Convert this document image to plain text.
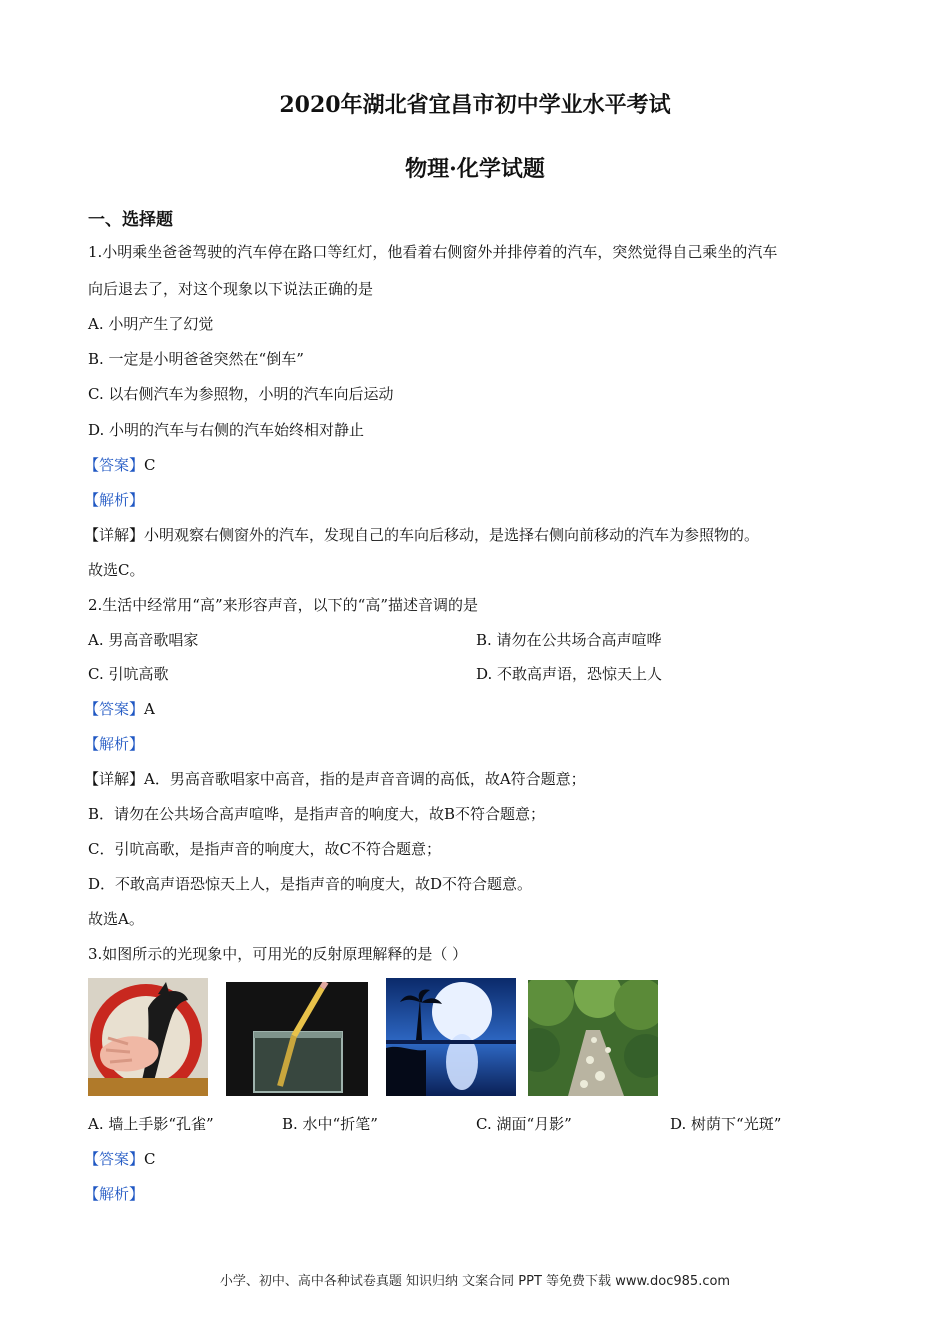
2020年湖北省宜昌市初中学业水平考试
物理·化学试题
一、选择题
1.小明乘坐爸爸驾驶的汽车停在路口等红灯，他看着右侧窗外并排停着的汽车，突然觉得自己乘坐的汽车
向后退去了，对这个现象以下说法正确的是
A. 小明产生了幻觉
B. 一定是小明爸爸突然在“倒车”
C. 以右侧汽车为参照物，小明的汽车向后运动
D. 小明的汽车与右侧的汽车始终相对静止
【答案】C
【解析】
【详解】小明观察右侧窗外的汽车，发现自己的车向后移动，是选择右侧向前移动的汽车为参照物的。
故选C。
2.生活中经常用“高”来形容声音，以下的“高”描述音调的是
A. 男高音歌唱家	B. 请勿在公共场合高声喧哗
C. 引吭高歌	D. 不敢高声语，恐惊天上人
【答案】A
【解析】
【详解】A．男高音歌唱家中高音，指的是声音音调的高低，故A符合题意；
B．请勿在公共场合高声喧哗，是指声音的响度大，故B不符合题意；
C．引吭高歌，是指声音的响度大，故C不符合题意；
D．不敢高声语恐惊天上人，是指声音的响度大，故D不符合题意。
故选A。
3.如图所示的光现象中，可用光的反射原理解释的是（ ）
A. 墙上手影“孔雀”	B. 水中“折笔”	C. 湖面“月影”	D. 树荫下“光斑”
【答案】C
【解析】
小学、初中、高中各种试卷真题 知识归纳 文案合同 PPT 等免费下载 www.doc985.com
